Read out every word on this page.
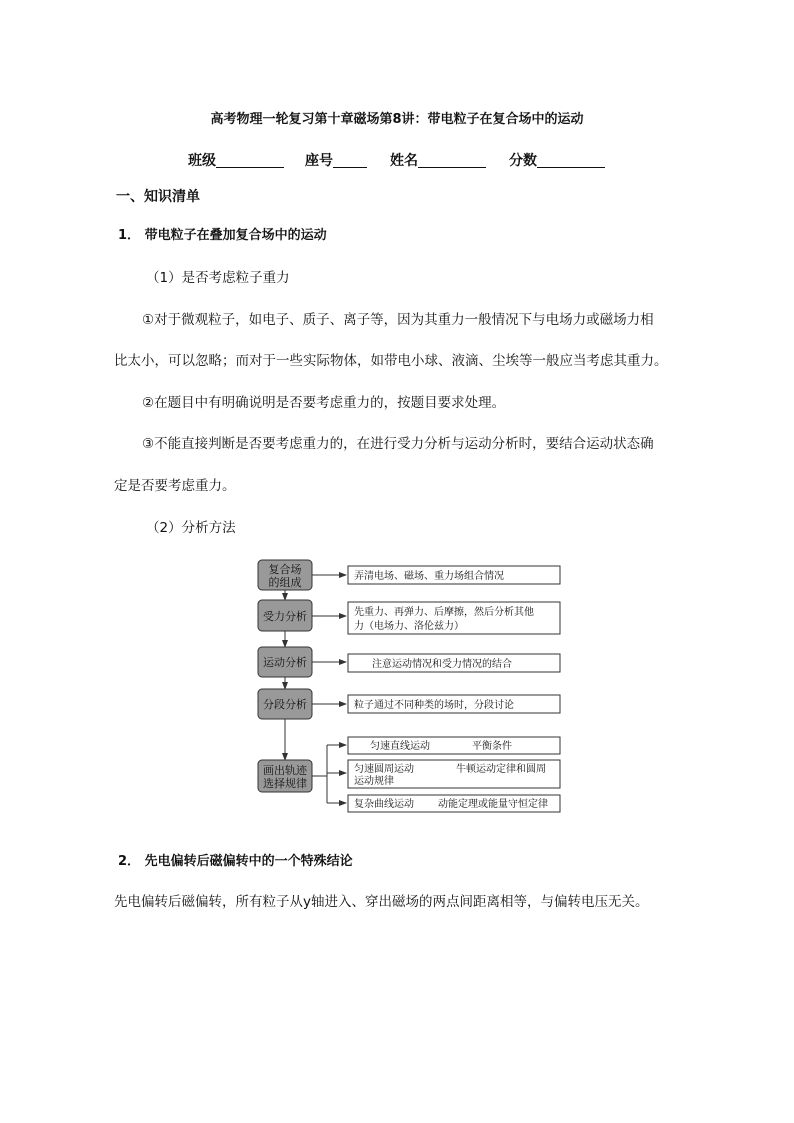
高考物理一轮复习第十章磁场第8讲：带电粒子在复合场中的运动
班级	座号	姓名	分数
一、知识清单
1． 带电粒子在叠加复合场中的运动
（1）是否考虑粒子重力
①对于微观粒子，如电子、质子、离子等，因为其重力一般情况下与电场力或磁场力相
比太小，可以忽略；而对于一些实际物体，如带电小球、液滴、尘埃等一般应当考虑其重力。
②在题目中有明确说明是否要考虑重力的，按题目要求处理。
③不能直接判断是否要考虑重力的，在进行受力分析与运动分析时，要结合运动状态确
定是否要考虑重力。
（2）分析方法
复合场
的组成
受力分析
运动分析
分段分析
画出轨迹
选择规律
弄清电场、磁场、重力场组合情况
先重力、再弹力、后摩擦，然后分析其他
力（电场力、洛伦兹力）
注意运动情况和受力情况的结合
粒子通过不同种类的场时，分段讨论
匀速直线运动	平衡条件
匀速圆周运动	牛顿运动定律和圆周
运动规律
复杂曲线运动 动能定理或能量守恒定律
2． 先电偏转后磁偏转中的一个特殊结论
先电偏转后磁偏转，所有粒子从y轴进入、穿出磁场的两点间距离相等，与偏转电压无关。
